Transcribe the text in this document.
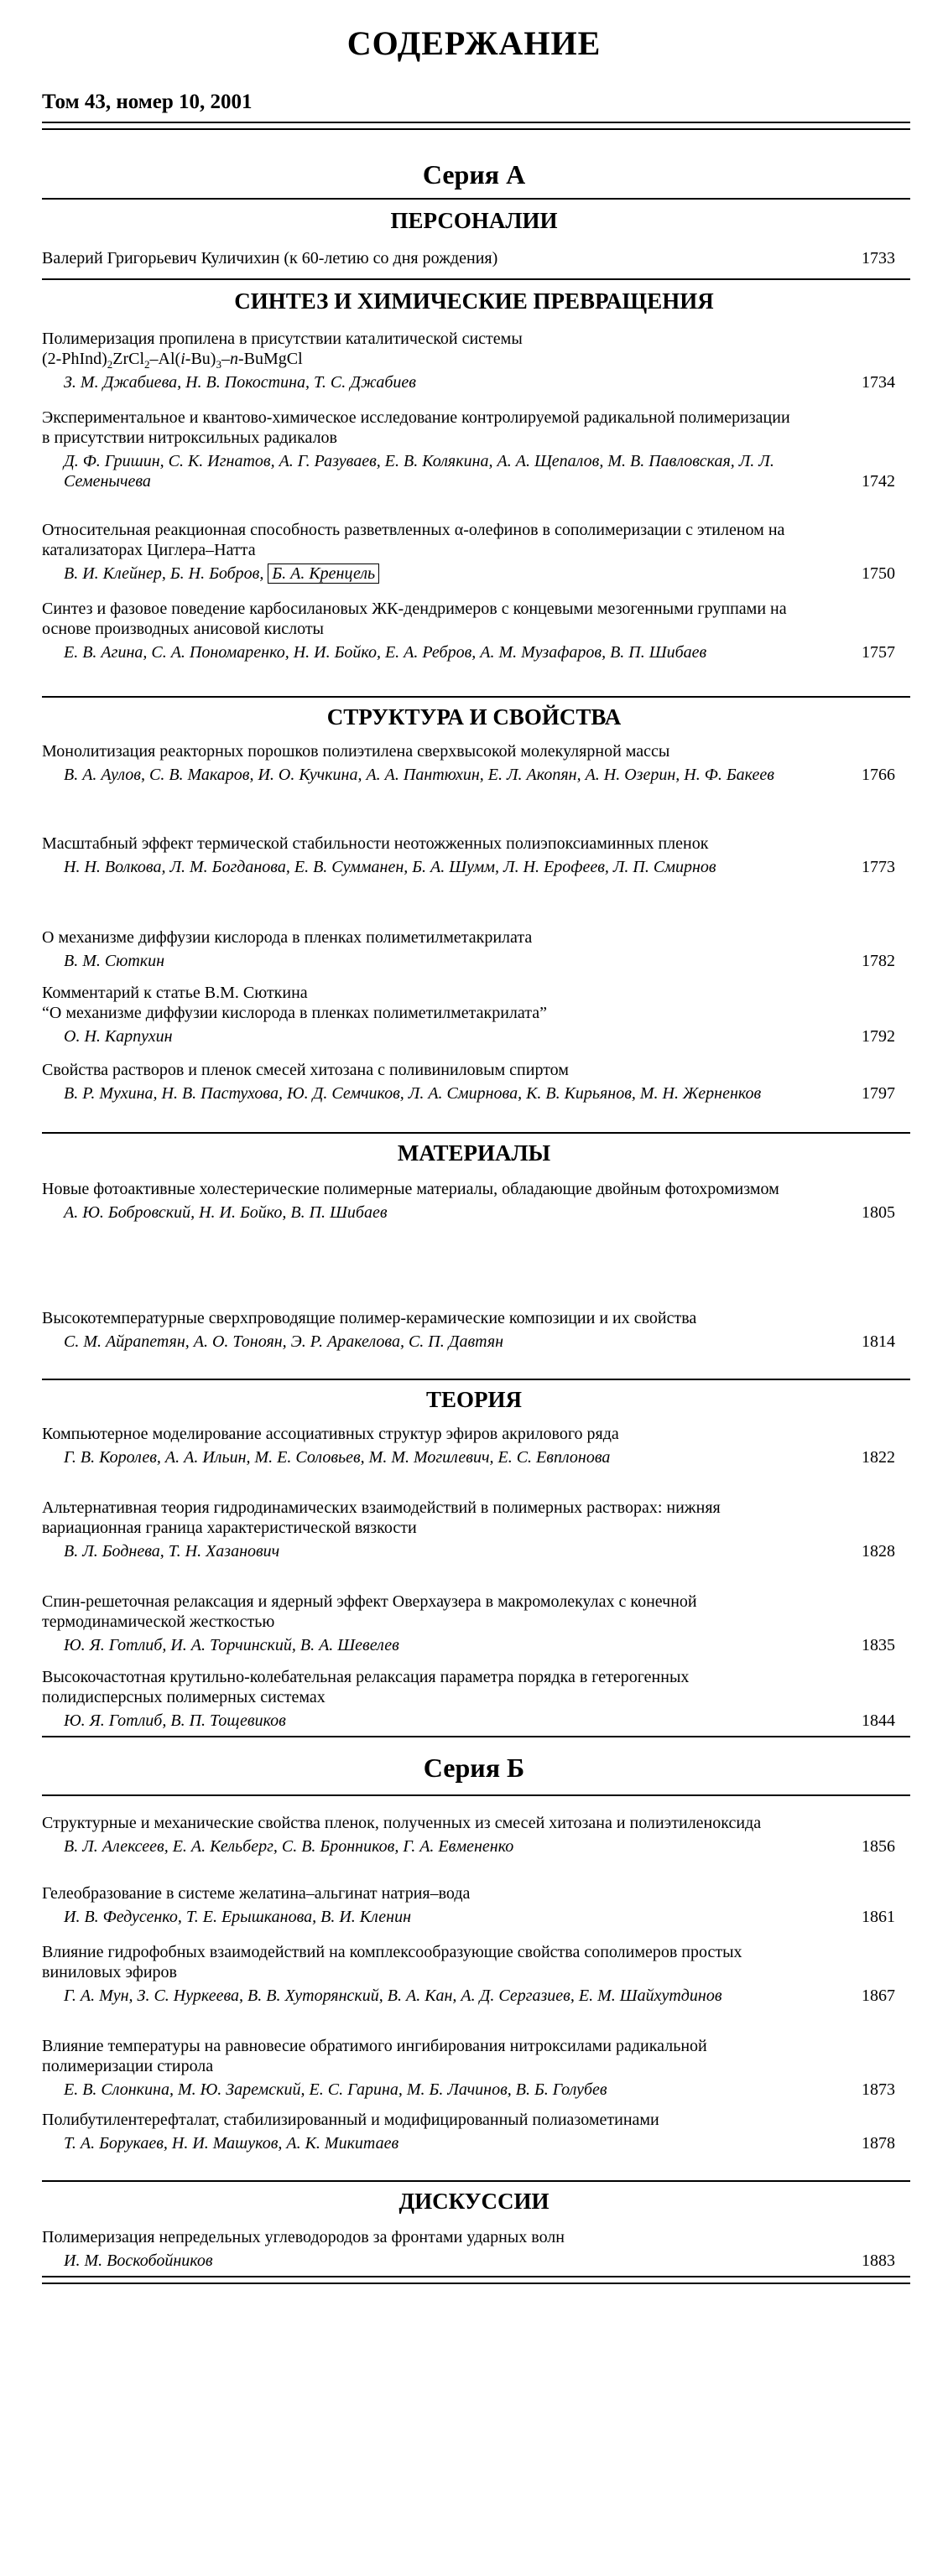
СОДЕРЖАНИЕ
Том 43, номер 10, 2001
Серия А
ПЕРСОНАЛИИ

Валерий Григорьевич Куличихин (к 60-летию со дня рождения)	1733
СИНТЕЗ И ХИМИЧЕСКИЕ ПРЕВРАЩЕНИЯ

Полимеризация пропилена в присутствии каталитической системы
$(2-PhInd)_2ZrCl_2-Al(i-Bu)_3-n$-BuMgCl

З. М. Джабиева, Н. В. Покостина, Т. С. Джабиев	1734

Экспериментальное и квантово-химическое исследование контролируемой радикальной полимеризации в присутствии нитроксильных радикалов

Д. Ф. Гришин, С. К. Игнатов, А. Г. Разуваев, Е. В. Колякина, А. А. Щепалов, М. В. Павловская, Л. Л. Семенычева	1742

Относительная реакционная способность разветвленных α-олефинов в сополимеризации с этиленом на катализаторах Циглера–Натта

В. И. Клейнер, Б. Н. Бобров, Б. А. Кренцель	1750

Синтез и фазовое поведение карбосилановых ЖК-дендримеров с концевыми мезогенными группами на основе производных анисовой кислоты

Е. В. Агина, С. А. Пономаренко, Н. И. Бойко, Е. А. Ребров, А. М. Музафаров, В. П. Шибаев	1757
СТРУКТУРА И СВОЙСТВА

Монолитизация реакторных порошков полиэтилена сверхвысокой молекулярной массы

В. А. Аулов, С. В. Макаров, И. О. Кучкина, А. А. Пантюхин, Е. Л. Акопян, А. Н. Озерин, Н. Ф. Бакеев	1766

Масштабный эффект термической стабильности неотожженных полиэпоксиаминных пленок

Н. Н. Волкова, Л. М. Богданова, Е. В. Сумманен, Б. А. Шумм, Л. Н. Ерофеев, Л. П. Смирнов	1773

О механизме диффузии кислорода в пленках полиметилметакрилата

В. М. Сюткин	1782

Комментарий к статье В.М. Сюткина
“О механизме диффузии кислорода в пленках полиметилметакрилата”

О. Н. Карпухин	1792

Свойства растворов и пленок смесей хитозана с поливиниловым спиртом

В. Р. Мухина, Н. В. Пастухова, Ю. Д. Семчиков, Л. А. Смирнова, К. В. Кирьянов, М. Н. Жерненков	1797
МАТЕРИАЛЫ

Новые фотоактивные холестерические полимерные материалы, обладающие двойным фотохромизмом

А. Ю. Бобровский, Н. И. Бойко, В. П. Шибаев	1805

Высокотемпературные сверхпроводящие полимер-керамические композиции и их свойства

С. М. Айрапетян, А. О. Тоноян, Э. Р. Аракелова, С. П. Давтян	1814
ТЕОРИЯ

Компьютерное моделирование ассоциативных структур эфиров акрилового ряда

Г. В. Королев, А. А. Ильин, М. Е. Соловьев, М. М. Могилевич, Е. С. Евплонова	1822

Альтернативная теория гидродинамических взаимодействий в полимерных растворах: нижняя вариационная граница характеристической вязкости

В. Л. Боднева, Т. Н. Хазанович	1828

Спин-решеточная релаксация и ядерный эффект Оверхаузера в макромолекулах с конечной термодинамической жесткостью

Ю. Я. Готлиб, И. А. Торчинский, В. А. Шевелев	1835

Высокочастотная крутильно-колебательная релаксация параметра порядка в гетерогенных полидисперсных полимерных системах

Ю. Я. Готлиб, В. П. Тощевиков	1844
Серия Б

Структурные и механические свойства пленок, полученных из смесей хитозана и полиэтиленоксида

В. Л. Алексеев, Е. А. Кельберг, С. В. Бронников, Г. А. Евмененко	1856

Гелеобразование в системе желатина–альгинат натрия–вода

И. В. Федусенко, Т. Е. Ерышканова, В. И. Кленин	1861

Влияние гидрофобных взаимодействий на комплексообразующие свойства сополимеров простых виниловых эфиров

Г. А. Мун, З. С. Нуркеева, В. В. Хуторянский, В. А. Кан, А. Д. Сергазиев, Е. М. Шайхутдинов	1867

Влияние температуры на равновесие обратимого ингибирования нитроксилами радикальной полимеризации стирола

Е. В. Слонкина, М. Ю. Заремский, Е. С. Гарина, М. Б. Лачинов, В. Б. Голубев	1873

Полибутилентерефталат, стабилизированный и модифицированный полиазометинами

Т. А. Борукаев, Н. И. Машуков, А. К. Микитаев	1878
ДИСКУССИИ

Полимеризация непредельных углеводородов за фронтами ударных волн

И. М. Воскобойников	1883
